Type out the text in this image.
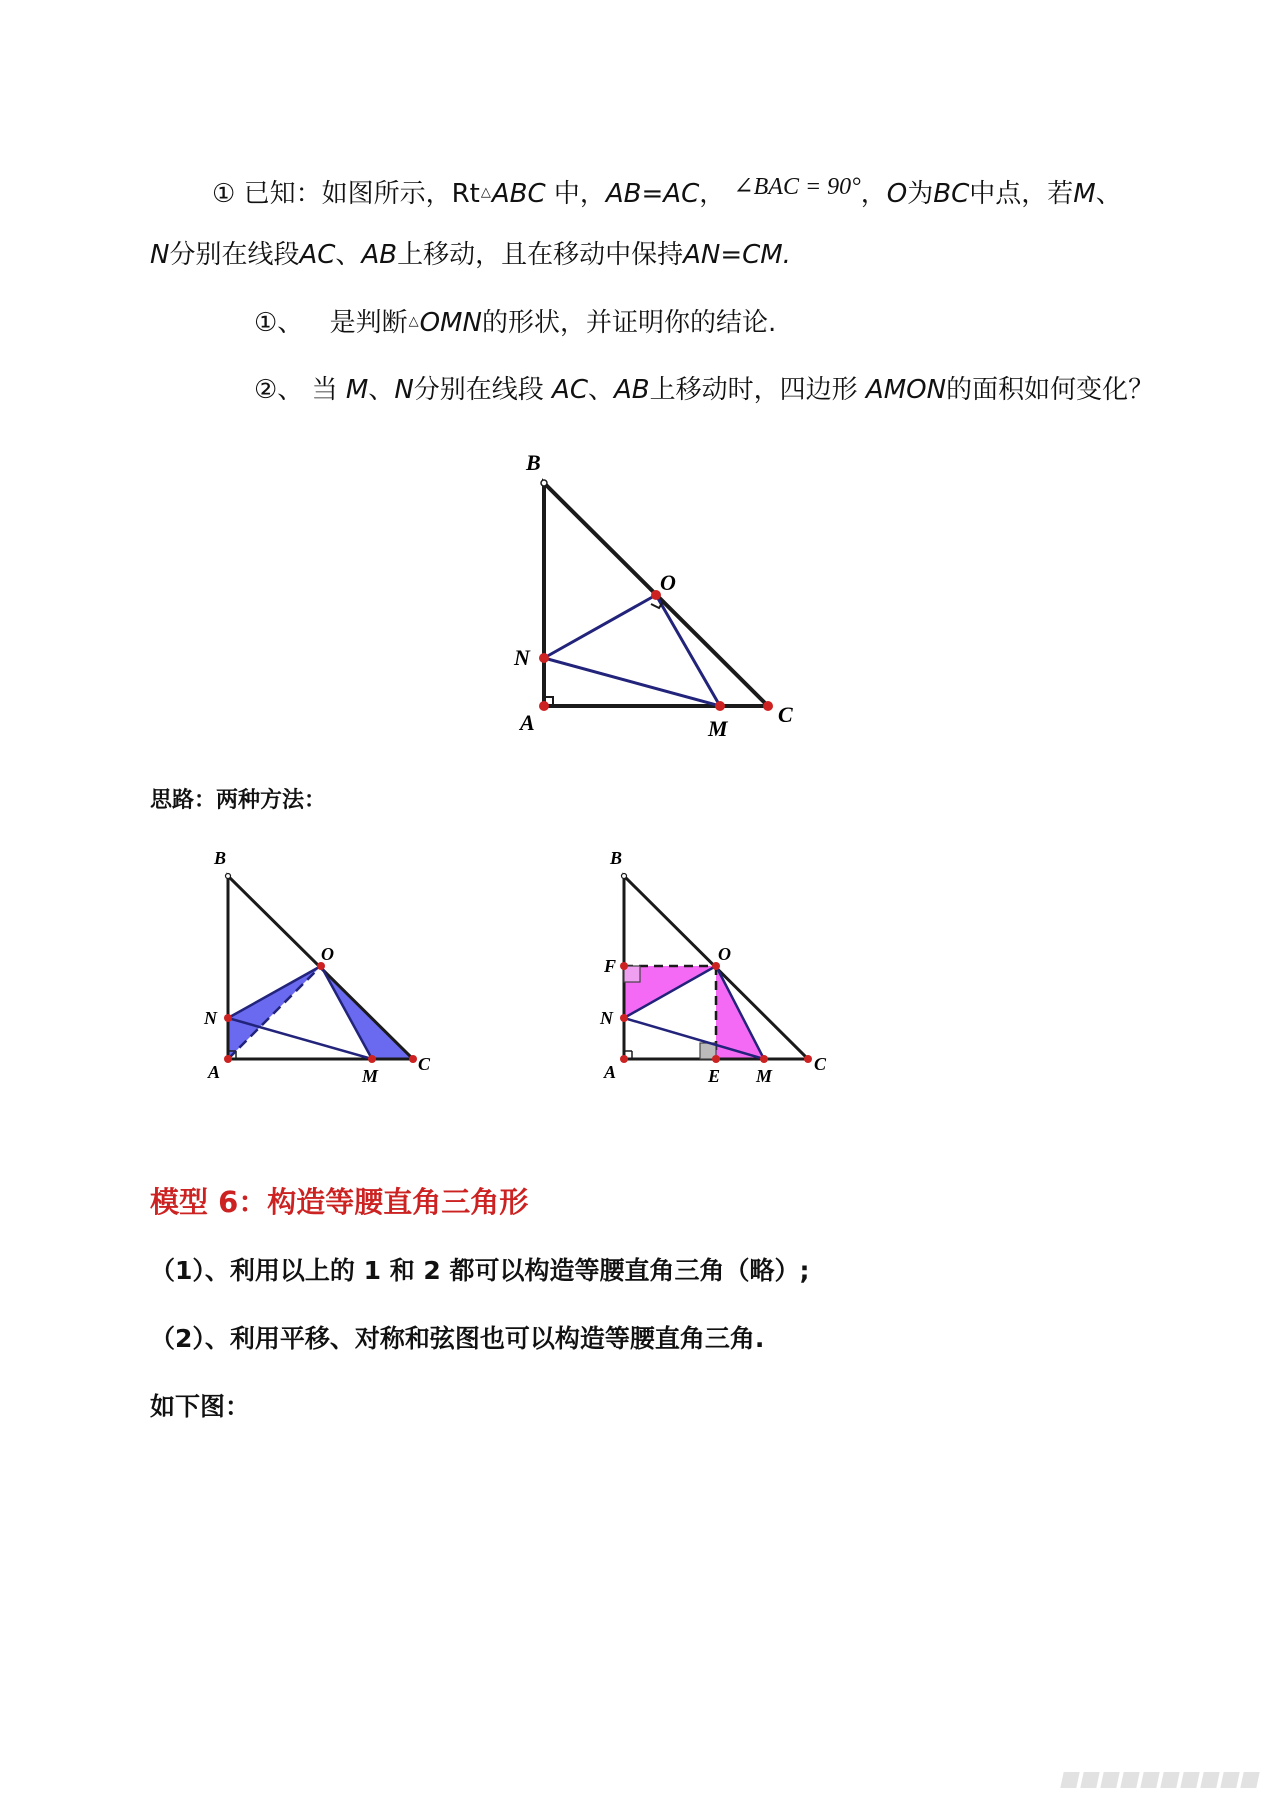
① 已知：如图所示，Rt△ABC 中，AB=AC， ∠BAC = 90°，O为BC中点，若M、
N分别在线段AC、AB上移动，且在移动中保持AN=CM.
①、 是判断△OMN的形状，并证明你的结论.
②、 当 M、N分别在线段 AC、AB上移动时，四边形 AMON的面积如何变化？
B
O
N
A	M
C
思路：两种方法：
B
O
N
A	M
C
B
F
O
N
A	E M
C
模型 6：构造等腰直角三角形
（1）、利用以上的 1 和 2 都可以构造等腰直角三角（略）;
（2）、利用平移、对称和弦图也可以构造等腰直角三角.
如下图：
